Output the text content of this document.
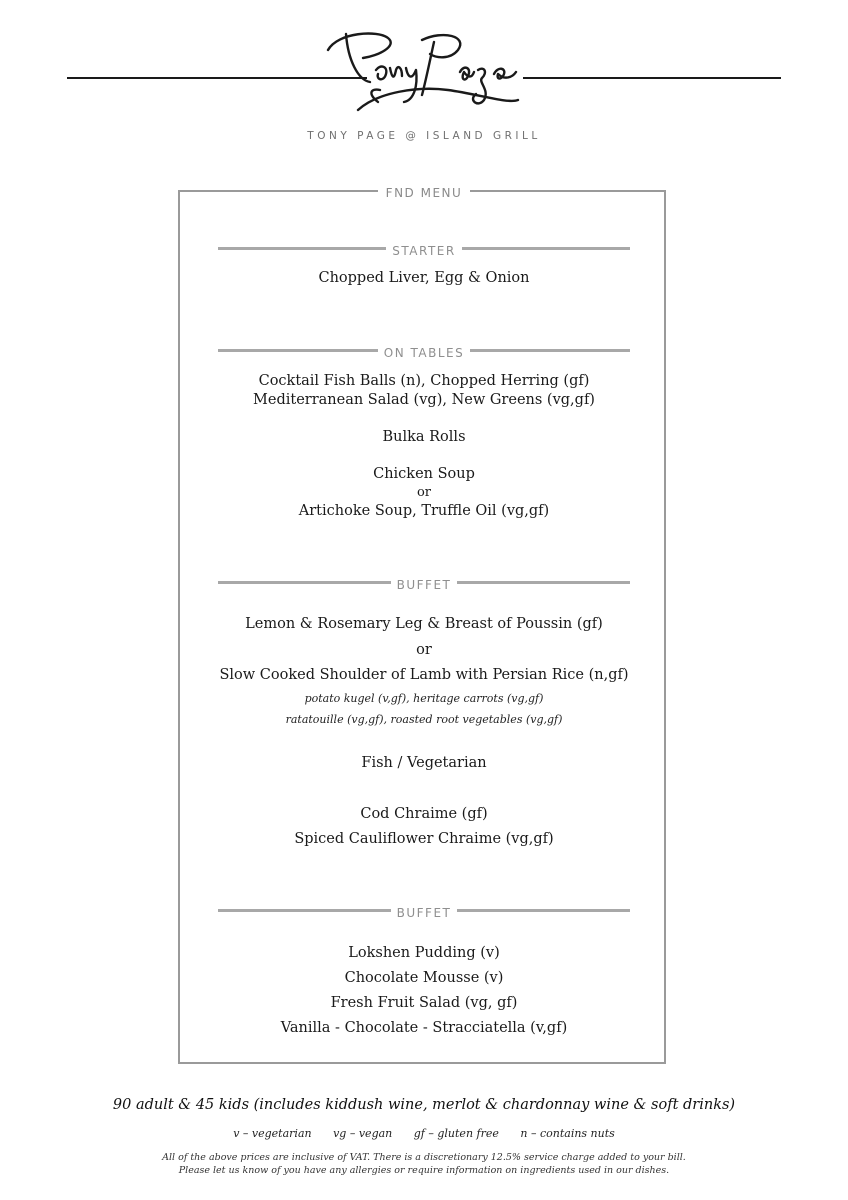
TONY PAGE @ ISLAND GRILL
FND MENU
STARTER
Chopped Liver, Egg & Onion
ON TABLES
Cocktail Fish Balls (n), Chopped Herring (gf)
Mediterranean Salad (vg), New Greens (vg,gf)
Bulka Rolls
Chicken Soup
or
Artichoke Soup, Truffle Oil (vg,gf)
BUFFET
Lemon & Rosemary Leg & Breast of Poussin (gf)
or
Slow Cooked Shoulder of Lamb with Persian Rice (n,gf)
potato kugel (v,gf), heritage carrots (vg,gf)
ratatouille (vg,gf), roasted root vegetables (vg,gf)
Fish / Vegetarian
Cod Chraime (gf)
Spiced Cauliflower Chraime (vg,gf)
BUFFET
Lokshen Pudding (v)
Chocolate Mousse (v)
Fresh Fruit Salad (vg, gf)
Vanilla - Chocolate - Stracciatella (v,gf)
90 adult & 45 kids (includes kiddush wine, merlot & chardonnay wine & soft drinks)
v – vegetarian vg – vegan gf – gluten free n – contains nuts
All of the above prices are inclusive of VAT. There is a discretionary 12.5% service charge added to your bill.
Please let us know of you have any allergies or require information on ingredients used in our dishes.
